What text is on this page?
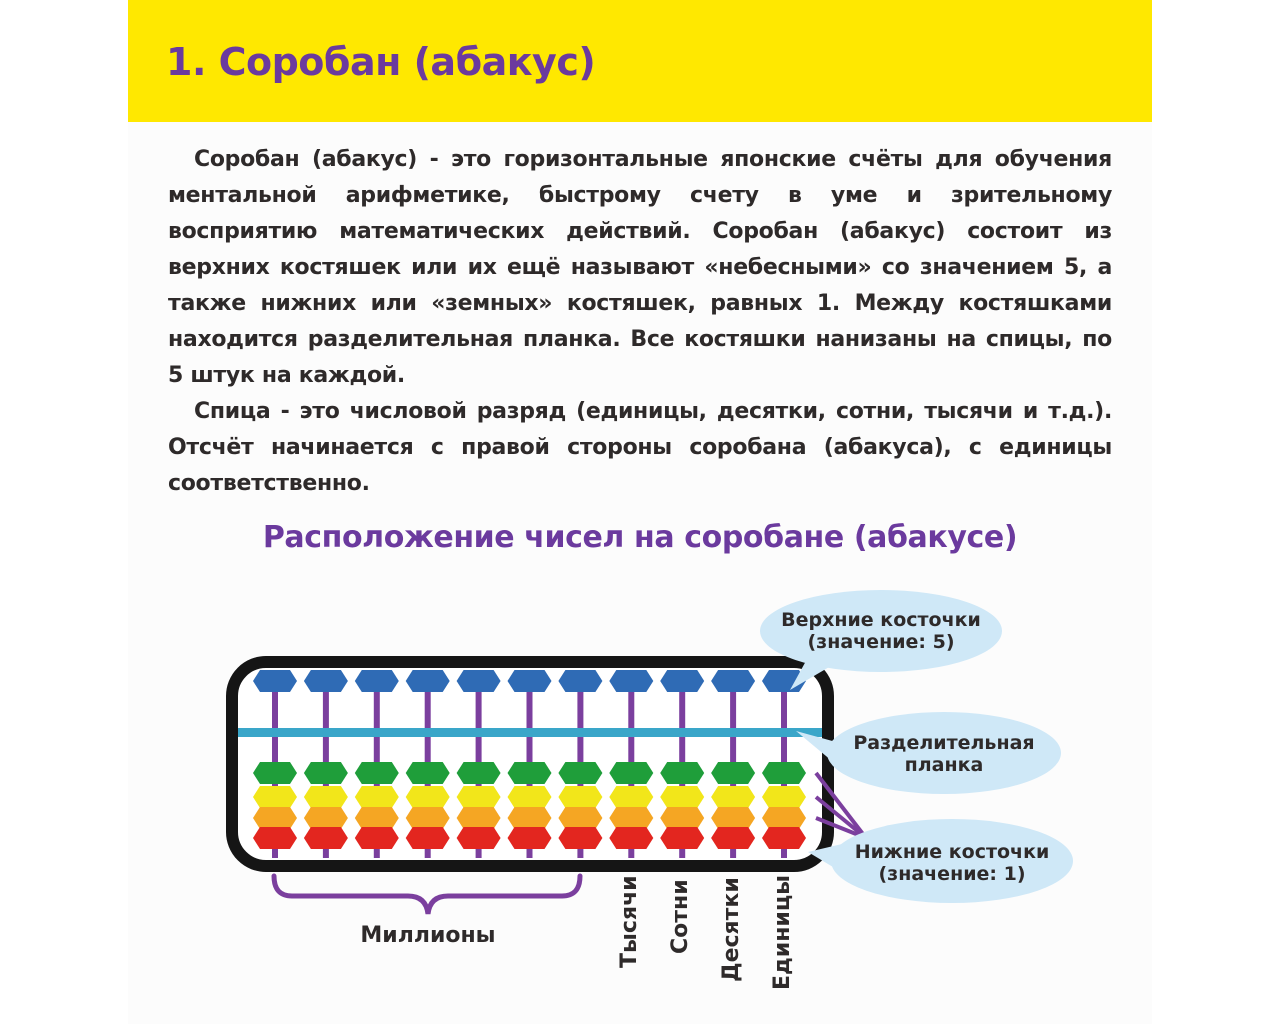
1. Соробан (абакус)

Соробан (абакус) - это горизонтальные японские счёты для обучения ментальной арифметике, быстрому счету в уме и зрительному восприятию математических действий. Соробан (абакус) состоит из верхних костяшек или их ещё называют «небесными» со значением 5, а также нижних или «земных» костяшек, равных 1. Между костяшками находится разделительная планка. Все костяшки нанизаны на спицы, по 5 штук на каждой.

Спица - это числовой разряд (единицы, десятки, сотни, тысячи и т.д.). Отсчёт начинается с правой стороны соробана (абакуса), с единицы соответственно.

Расположение чисел на соробане (абакусе)
Верхние косточки
(значение: 5)
Разделительная
планка
Нижние косточки
(значение: 1)
Миллионы	Тысячи Сотни Десятки Единицы
